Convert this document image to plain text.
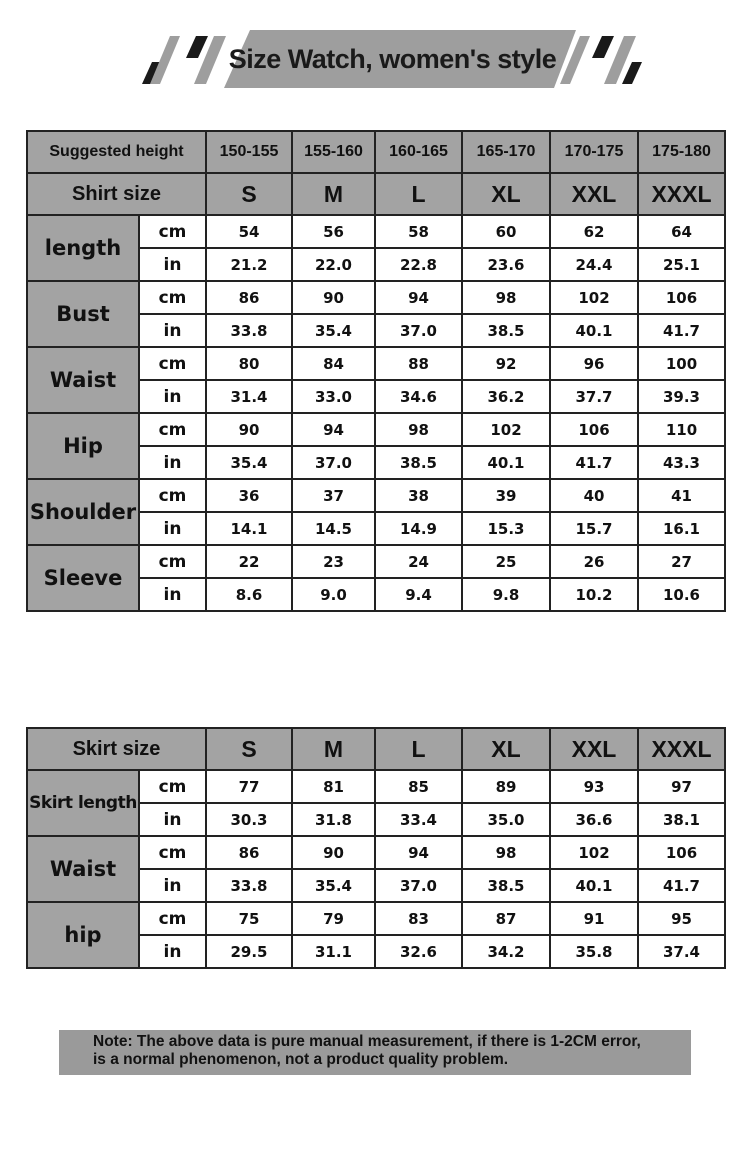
Size Watch, women's style
Suggested height		150-155	155-160	160-165	165-170	170-175	175-180
Shirt size		S	M	L	XL	XXL	XXXL
length	cm	54	56	58	60	62	64
	in	21.2	22.0	22.8	23.6	24.4	25.1
Bust	cm	86	90	94	98	102	106
	in	33.8	35.4	37.0	38.5	40.1	41.7
Waist	cm	80	84	88	92	96	100
	in	31.4	33.0	34.6	36.2	37.7	39.3
Hip	cm	90	94	98	102	106	110
	in	35.4	37.0	38.5	40.1	41.7	43.3
Shoulder	cm	36	37	38	39	40	41
	in	14.1	14.5	14.9	15.3	15.7	16.1
Sleeve	cm	22	23	24	25	26	27
	in	8.6	9.0	9.4	9.8	10.2	10.6
Skirt size		S	M	L	XL	XXL	XXXL
Skirt length	cm	77	81	85	89	93	97
	in	30.3	31.8	33.4	35.0	36.6	38.1
Waist	cm	86	90	94	98	102	106
	in	33.8	35.4	37.0	38.5	40.1	41.7
hip	cm	75	79	83	87	91	95
	in	29.5	31.1	32.6	34.2	35.8	37.4
Note: The above data is pure manual measurement, if there is 1-2CM error,
is a normal phenomenon, not a product quality problem.
